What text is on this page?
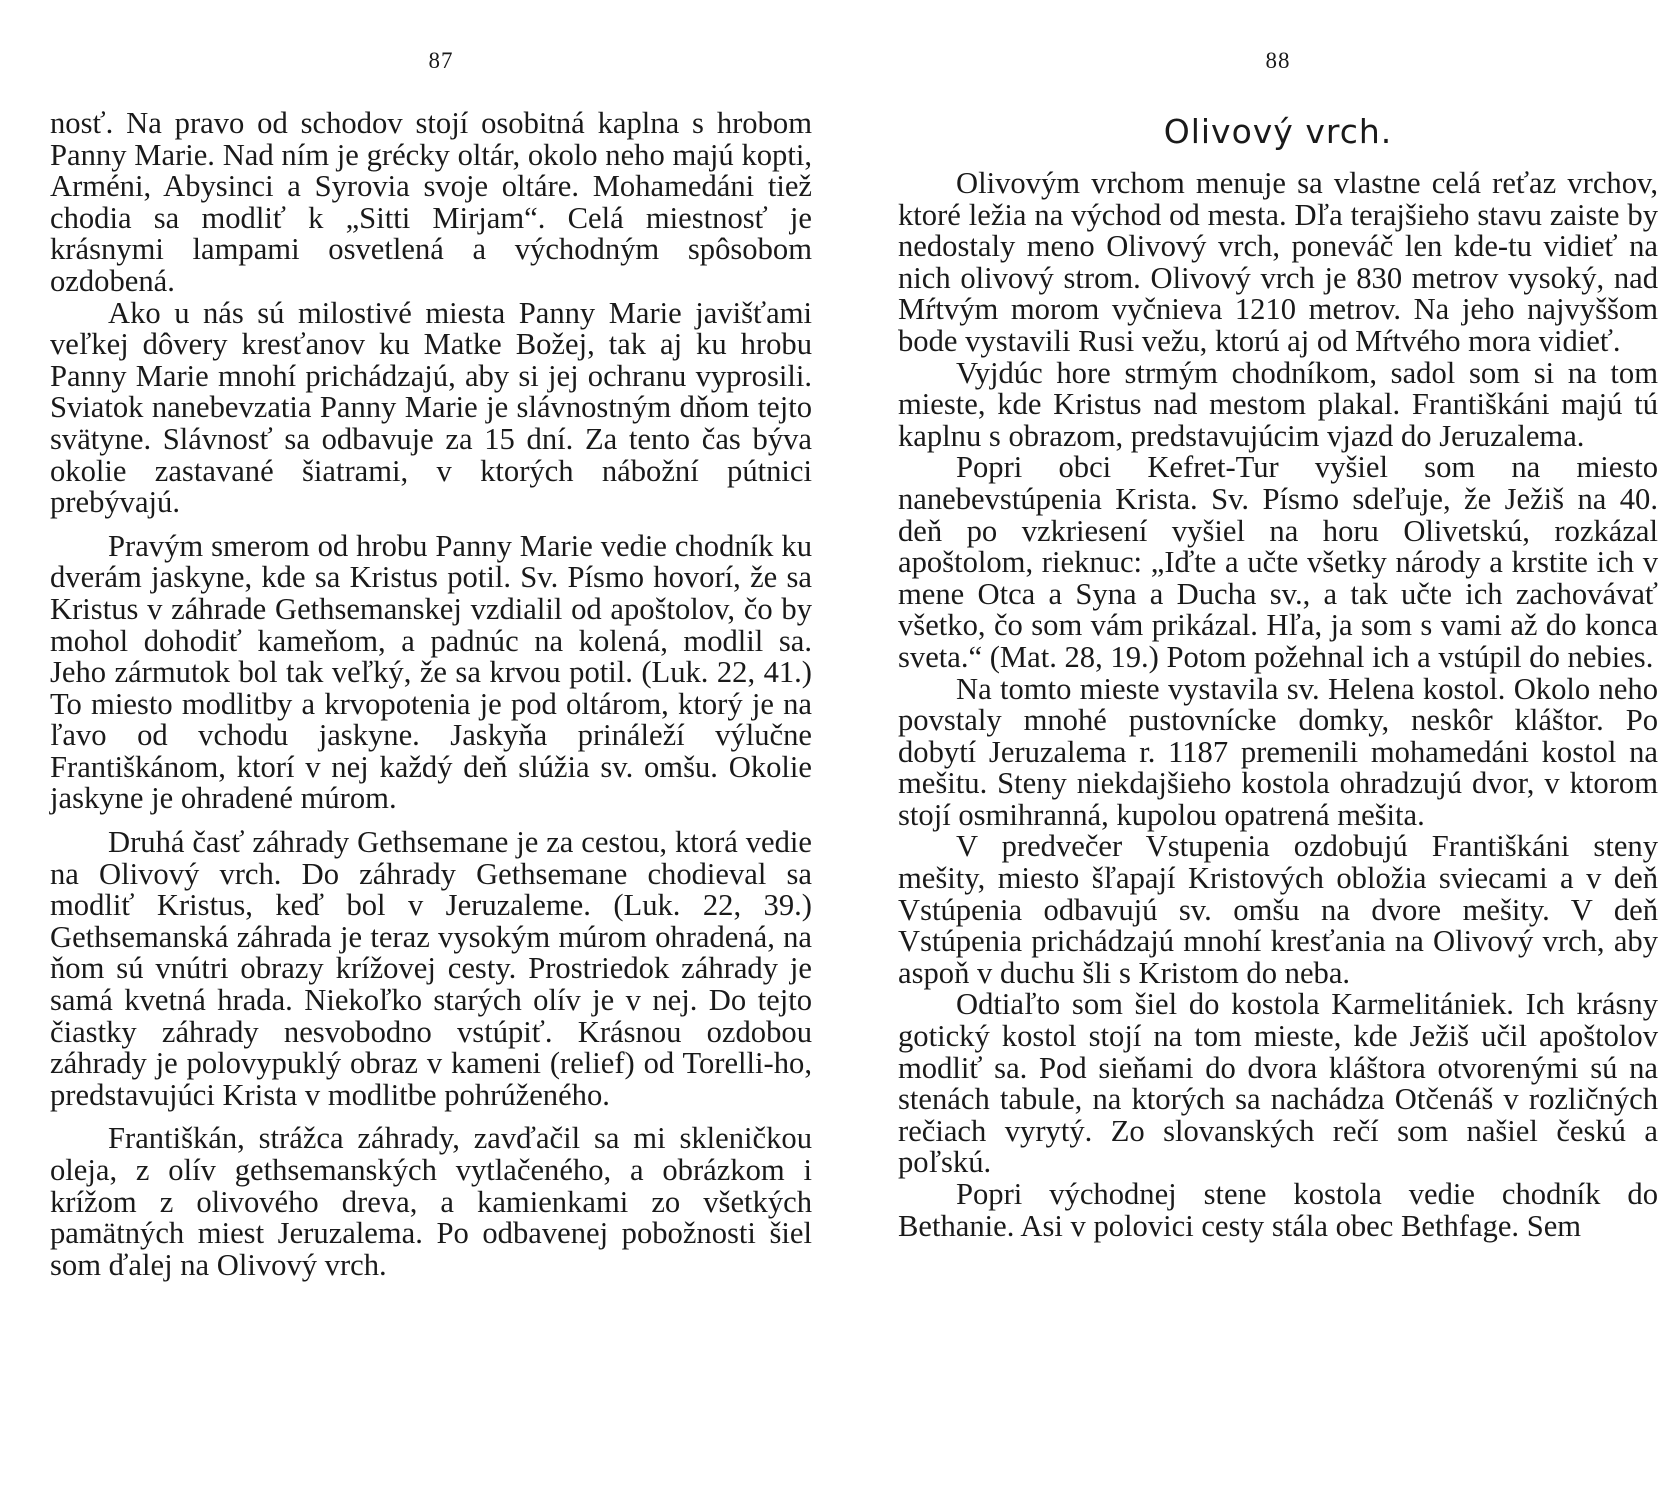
87

nosť. Na pravo od schodov stojí osobitná kaplna s hrobom Panny Marie. Nad ním je grécky oltár, okolo neho majú kopti, Arméni, Abysinci a Syrovia svoje oltáre. Mohamedáni tiež chodia sa modliť k „Sitti Mirjam“. Celá miestnosť je krásnymi lampami osvetlená a východným spôsobom ozdobená.

Ako u nás sú milostivé miesta Panny Marie javišťami veľkej dôvery kresťanov ku Matke Božej, tak aj ku hrobu Panny Marie mnohí prichádzajú, aby si jej ochranu vyprosili. Sviatok nanebevzatia Panny Marie je slávnostným dňom tejto svätyne. Slávnosť sa odbavuje za 15 dní. Za tento čas býva okolie zastavané šiatrami, v ktorých nábožní pútnici prebývajú.

Pravým smerom od hrobu Panny Marie vedie chodník ku dverám jaskyne, kde sa Kristus potil. Sv. Písmo hovorí, že sa Kristus v záhrade Gethsemanskej vzdialil od apoštolov, čo by mohol dohodiť kameňom, a padnúc na kolená, modlil sa. Jeho zármutok bol tak veľký, že sa krvou potil. (Luk. 22, 41.) To miesto modlitby a krvopotenia je pod oltárom, ktorý je na ľavo od vchodu jaskyne. Jaskyňa prináleží výlučne Františkánom, ktorí v nej každý deň slúžia sv. omšu. Okolie jaskyne je ohradené múrom.

Druhá časť záhrady Gethsemane je za cestou, ktorá vedie na Olivový vrch. Do záhrady Gethsemane chodieval sa modliť Kristus, keď bol v Jeruzaleme. (Luk. 22, 39.) Gethsemanská záhrada je teraz vysokým múrom ohradená, na ňom sú vnútri obrazy krížovej cesty. Prostriedok záhrady je samá kvetná hrada. Niekoľko starých olív je v nej. Do tejto čiastky záhrady nesvobodno vstúpiť. Krásnou ozdobou záhrady je polovypuklý obraz v kameni (relief) od Torelli-ho, predstavujúci Krista v modlitbe pohrúženého.

Františkán, strážca záhrady, zavďačil sa mi skleničkou oleja, z olív gethsemanských vytlačeného, a obrázkom i krížom z olivového dreva, a kamienkami zo všetkých pamätných miest Jeruzalema. Po odbavenej pobožnosti šiel som ďalej na Olivový vrch.

88
Olivový vrch.

Olivovým vrchom menuje sa vlastne celá reťaz vrchov, ktoré ležia na východ od mesta. Dľa terajšieho stavu zaiste by nedostaly meno Olivový vrch, poneváč len kde-tu vidieť na nich olivový strom. Olivový vrch je 830 metrov vysoký, nad Mŕtvým morom vyčnieva 1210 metrov. Na jeho najvyššom bode vystavili Rusi vežu, ktorú aj od Mŕtvého mora vidieť.

Vyjdúc hore strmým chodníkom, sadol som si na tom mieste, kde Kristus nad mestom plakal. Františkáni majú tú kaplnu s obrazom, predstavujúcim vjazd do Jeruzalema.

Popri obci Kefret-Tur vyšiel som na miesto nanebevstúpenia Krista. Sv. Písmo sdeľuje, že Ježiš na 40. deň po vzkriesení vyšiel na horu Olivetskú, rozkázal apoštolom, rieknuc: „Iďte a učte všetky národy a krstite ich v mene Otca a Syna a Ducha sv., a tak učte ich zachovávať všetko, čo som vám prikázal. Hľa, ja som s vami až do konca sveta.“ (Mat. 28, 19.) Potom požehnal ich a vstúpil do nebies.

Na tomto mieste vystavila sv. Helena kostol. Okolo neho povstaly mnohé pustovnícke domky, neskôr kláštor. Po dobytí Jeruzalema r. 1187 premenili mohamedáni kostol na mešitu. Steny niekdajšieho kostola ohradzujú dvor, v ktorom stojí osmihranná, kupolou opatrená mešita.

V predvečer Vstupenia ozdobujú Františkáni steny mešity, miesto šľapají Kristových obložia sviecami a v deň Vstúpenia odbavujú sv. omšu na dvore mešity. V deň Vstúpenia prichádzajú mnohí kresťania na Olivový vrch, aby aspoň v duchu šli s Kristom do neba.

Odtiaľto som šiel do kostola Karmelitániek. Ich krásny gotický kostol stojí na tom mieste, kde Ježiš učil apoštolov modliť sa. Pod sieňami do dvora kláštora otvorenými sú na stenách tabule, na ktorých sa nachádza Otčenáš v rozličných rečiach vyrytý. Zo slovanských rečí som našiel českú a poľskú.

Popri východnej stene kostola vedie chodník do Bethanie. Asi v polovici cesty stála obec Bethfage. Sem
